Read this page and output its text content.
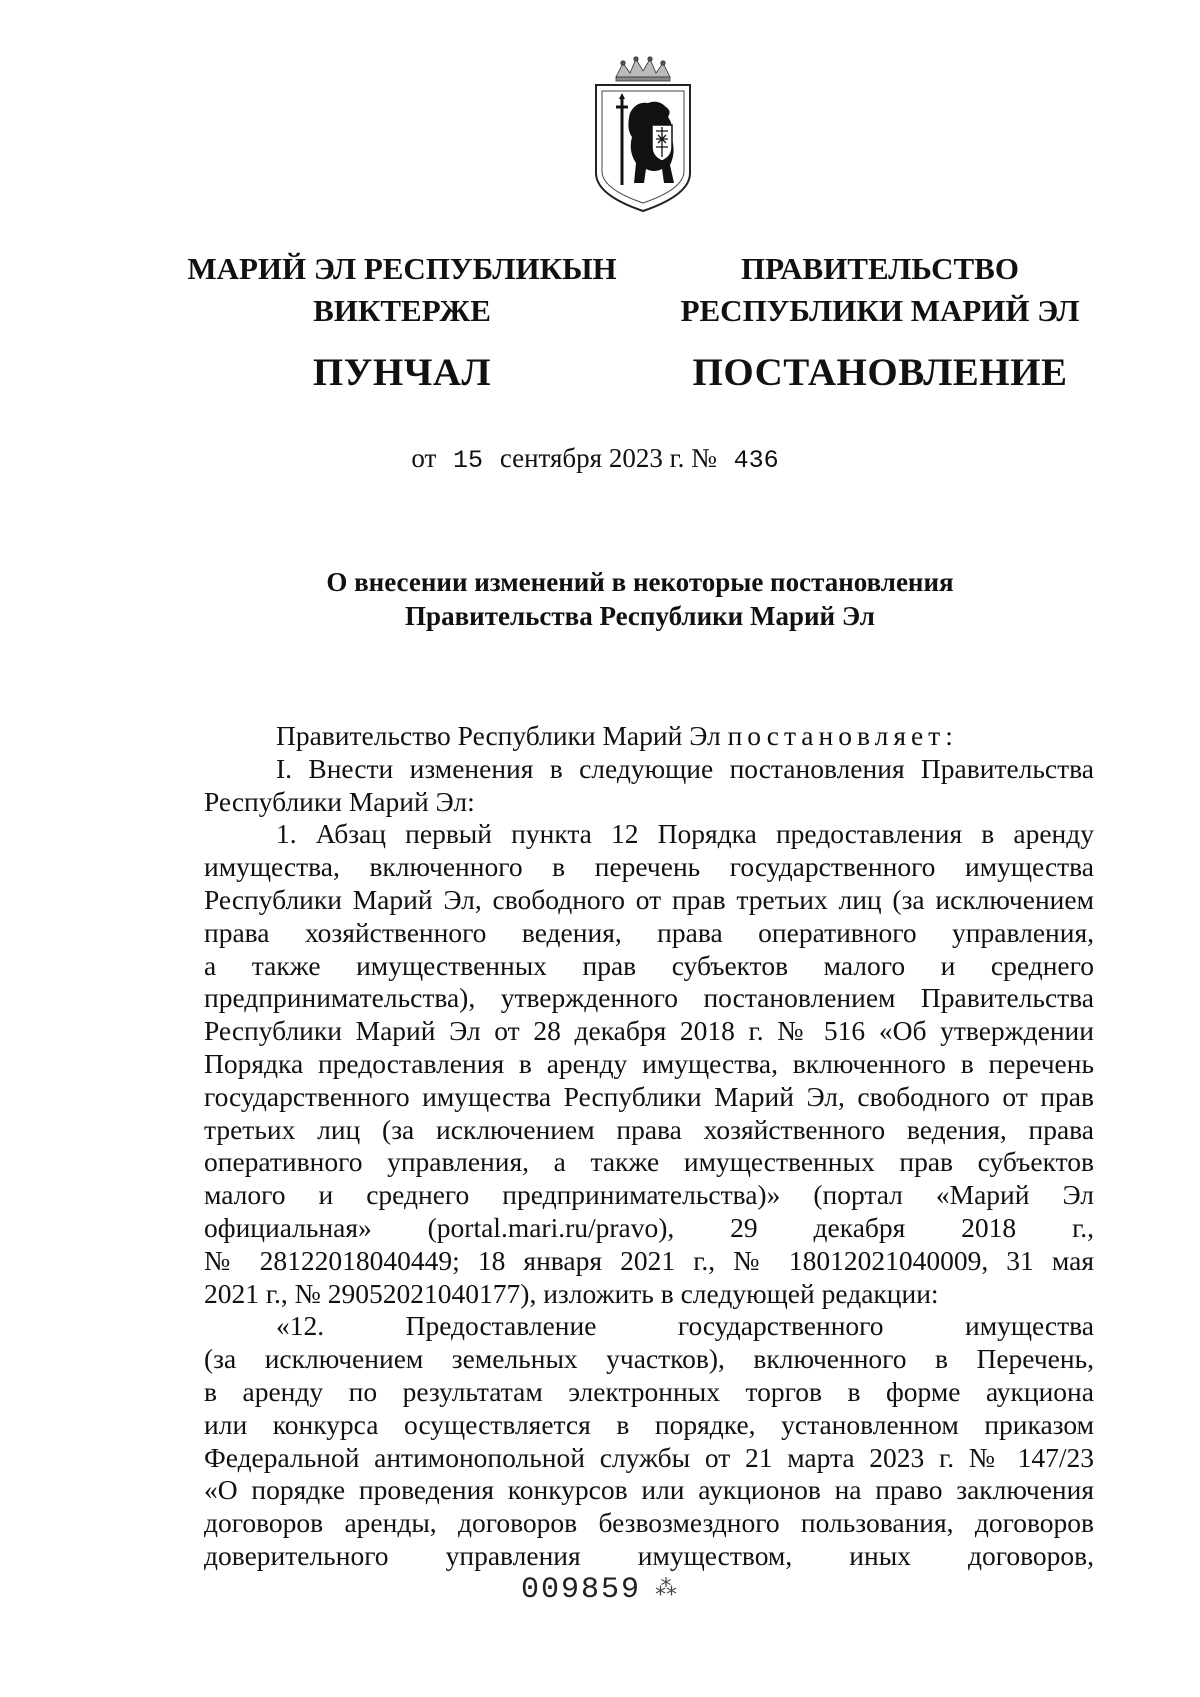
МАРИЙ ЭЛ РЕСПУБЛИКЫН
ВИКТЕРЖЕ
ПУНЧАЛ
ПРАВИТЕЛЬСТВО
РЕСПУБЛИКИ МАРИЙ ЭЛ
ПОСТАНОВЛЕНИЕ
от 15 сентября 2023 г. № 436
О внесении изменений в некоторые постановления
Правительства Республики Марий Эл
Правительство Республики Марий Эл постановляет:
I. Внести изменения в следующие постановления Правительства
Республики Марий Эл:
1. Абзац первый пункта 12 Порядка предоставления в аренду
имущества, включенного в перечень государственного имущества
Республики Марий Эл, свободного от прав третьих лиц (за исключением
права хозяйственного ведения, права оперативного управления,
а также имущественных прав субъектов малого и среднего
предпринимательства), утвержденного постановлением Правительства
Республики Марий Эл от 28 декабря 2018 г. № 516 «Об утверждении
Порядка предоставления в аренду имущества, включенного в перечень
государственного имущества Республики Марий Эл, свободного от прав
третьих лиц (за исключением права хозяйственного ведения, права
оперативного управления, а также имущественных прав субъектов
малого и среднего предпринимательства)» (портал «Марий Эл
официальная» (portal.mari.ru/pravo), 29 декабря 2018 г.,
№ 28122018040449; 18 января 2021 г., № 18012021040009, 31 мая
2021 г., № 29052021040177), изложить в следующей редакции:
«12. Предоставление государственного имущества
(за исключением земельных участков), включенного в Перечень,
в аренду по результатам электронных торгов в форме аукциона
или конкурса осуществляется в порядке, установленном приказом
Федеральной антимонопольной службы от 21 марта 2023 г. № 147/23
«О порядке проведения конкурсов или аукционов на право заключения
договоров аренды, договоров безвозмездного пользования, договоров
доверительного управления имуществом, иных договоров,
009859 ⁂
